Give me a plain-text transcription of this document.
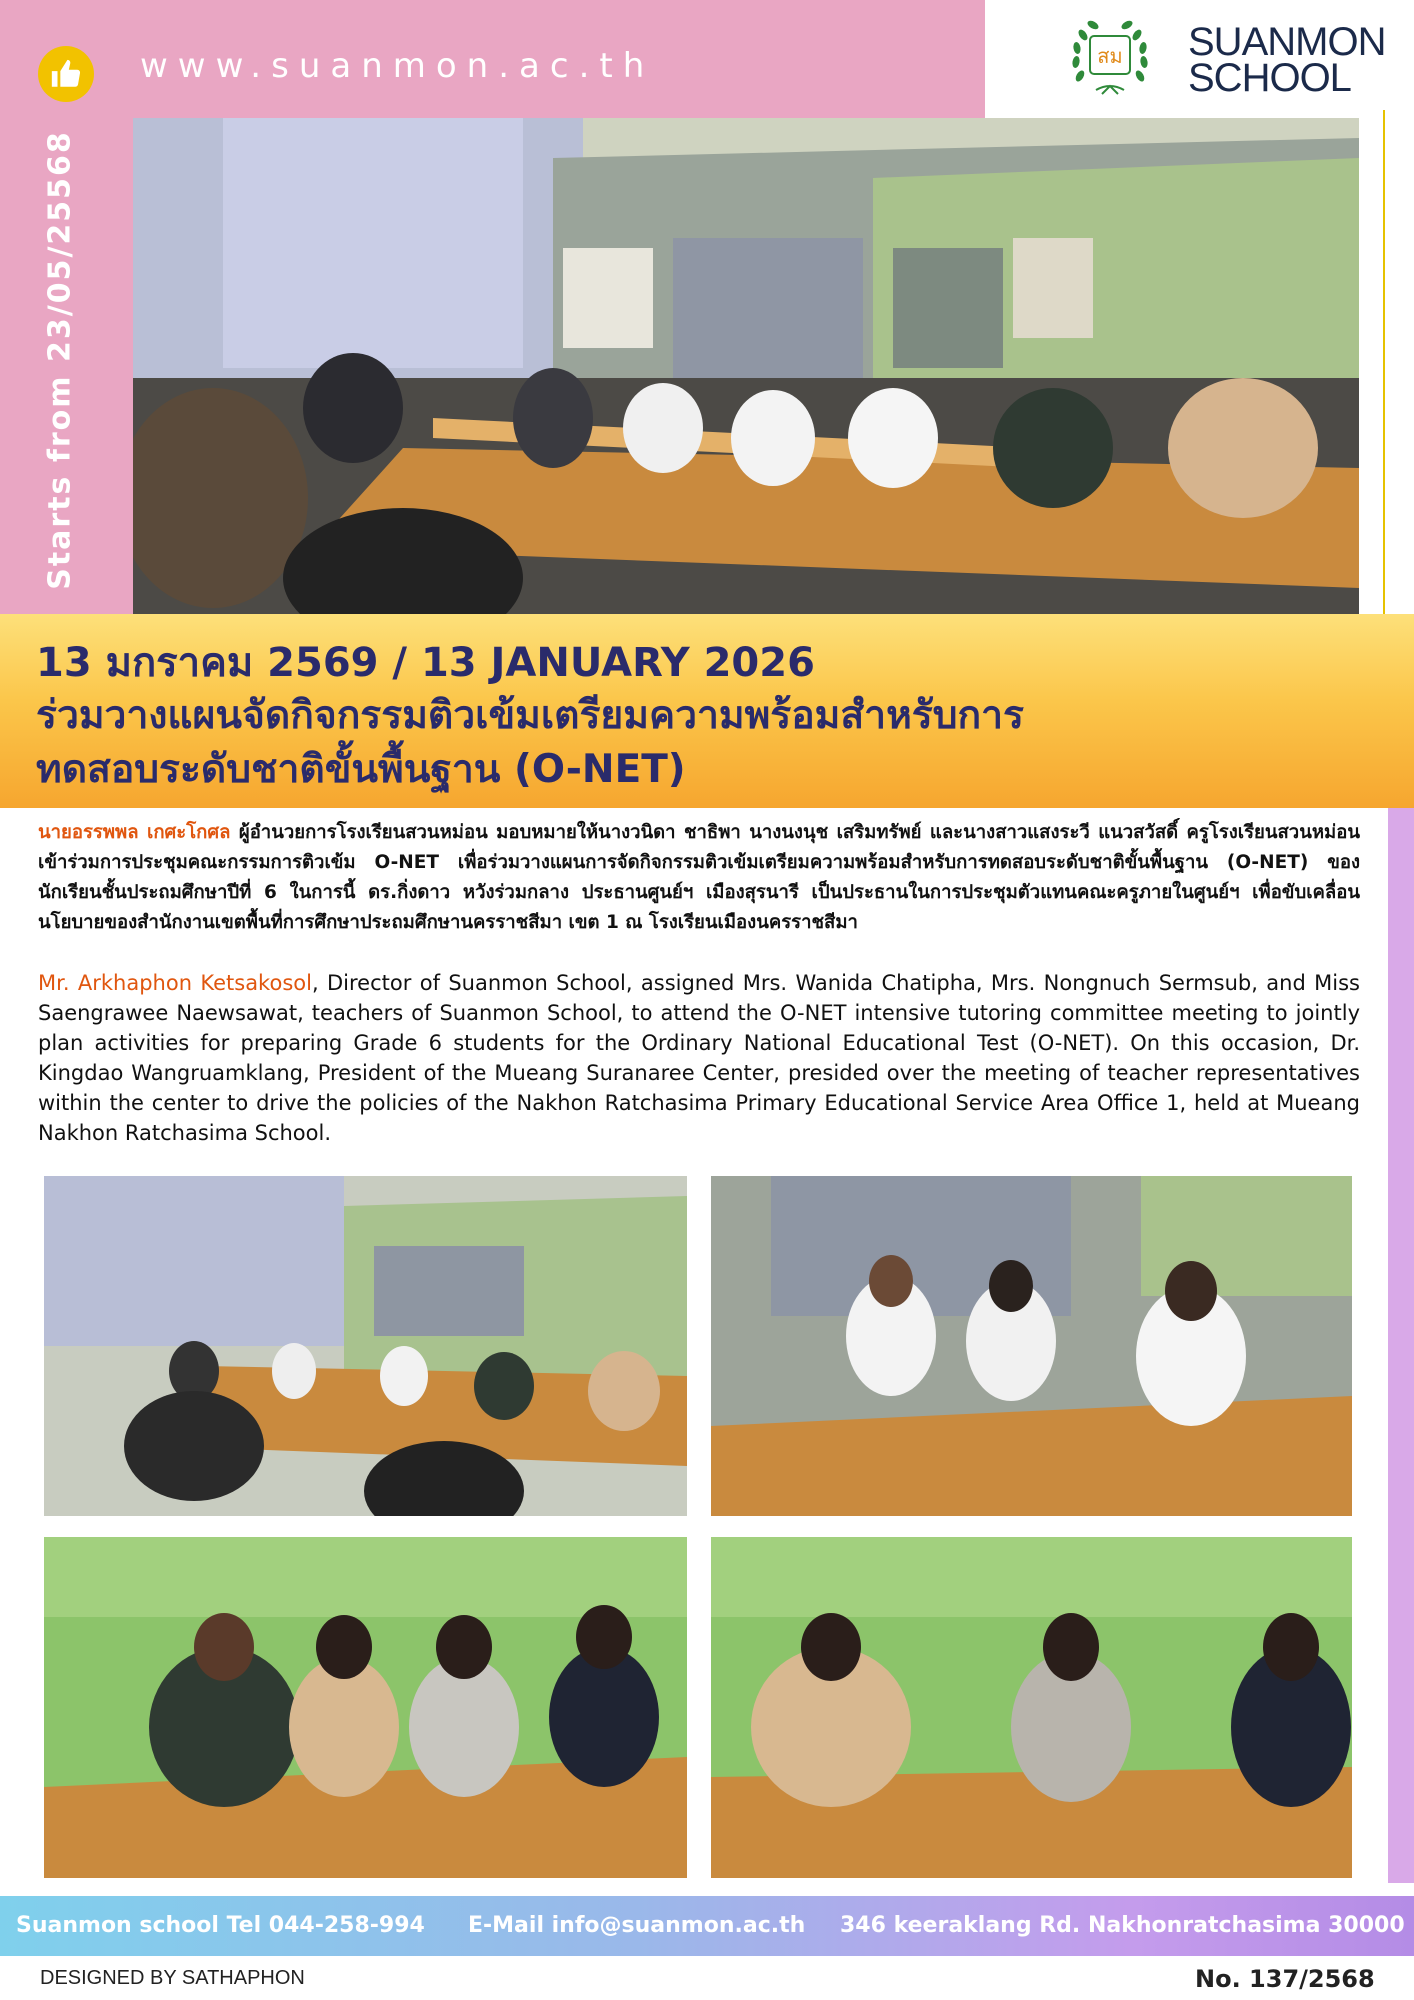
www.suanmon.ac.th
Starts from 23/05/25568
สม SUANMON
SCHOOL
13 มกราคม 2569 / 13 JANUARY 2026
ร่วมวางแผนจัดกิจกรรมติวเข้มเตรียมความพร้อมสำหรับการ
ทดสอบระดับชาติขั้นพื้นฐาน (O-NET)
นายอรรพพล เกศะโกศล ผู้อำนวยการโรงเรียนสวนหม่อน มอบหมายให้นางวนิดา ชาธิพา นางนงนุช เสริมทรัพย์ และนางสาวแสงระวี แนวสวัสดิ์ ครูโรงเรียนสวนหม่อน เข้าร่วมการประชุมคณะกรรมการติวเข้ม O-NET เพื่อร่วมวางแผนการจัดกิจกรรมติวเข้มเตรียมความพร้อมสำหรับการทดสอบระดับชาติขั้นพื้นฐาน (O-NET) ของนักเรียนชั้นประถมศึกษาปีที่ 6 ในการนี้ ดร.กิ่งดาว หวังร่วมกลาง ประธานศูนย์ฯ เมืองสุรนารี เป็นประธานในการประชุมตัวแทนคณะครูภายในศูนย์ฯ เพื่อขับเคลื่อนนโยบายของสำนักงานเขตพื้นที่การศึกษาประถมศึกษานครราชสีมา เขต 1 ณ โรงเรียนเมืองนครราชสีมา
Mr. Arkhaphon Ketsakosol, Director of Suanmon School, assigned Mrs. Wanida Chatipha, Mrs. Nongnuch Sermsub, and Miss Saengrawee Naewsawat, teachers of Suanmon School, to attend the O-NET intensive tutoring committee meeting to jointly plan activities for preparing Grade 6 students for the Ordinary National Educational Test (O-NET). On this occasion, Dr. Kingdao Wangruamklang, President of the Mueang Suranaree Center, presided over the meeting of teacher representatives within the center to drive the policies of the Nakhon Ratchasima Primary Educational Service Area Office 1, held at Mueang Nakhon Ratchasima School.
Suanmon school Tel 044-258-994 E-Mail info@suanmon.ac.th 346 keeraklang Rd. Nakhonratchasima 30000
DESIGNED BY SATHAPHON	No. 137/2568
